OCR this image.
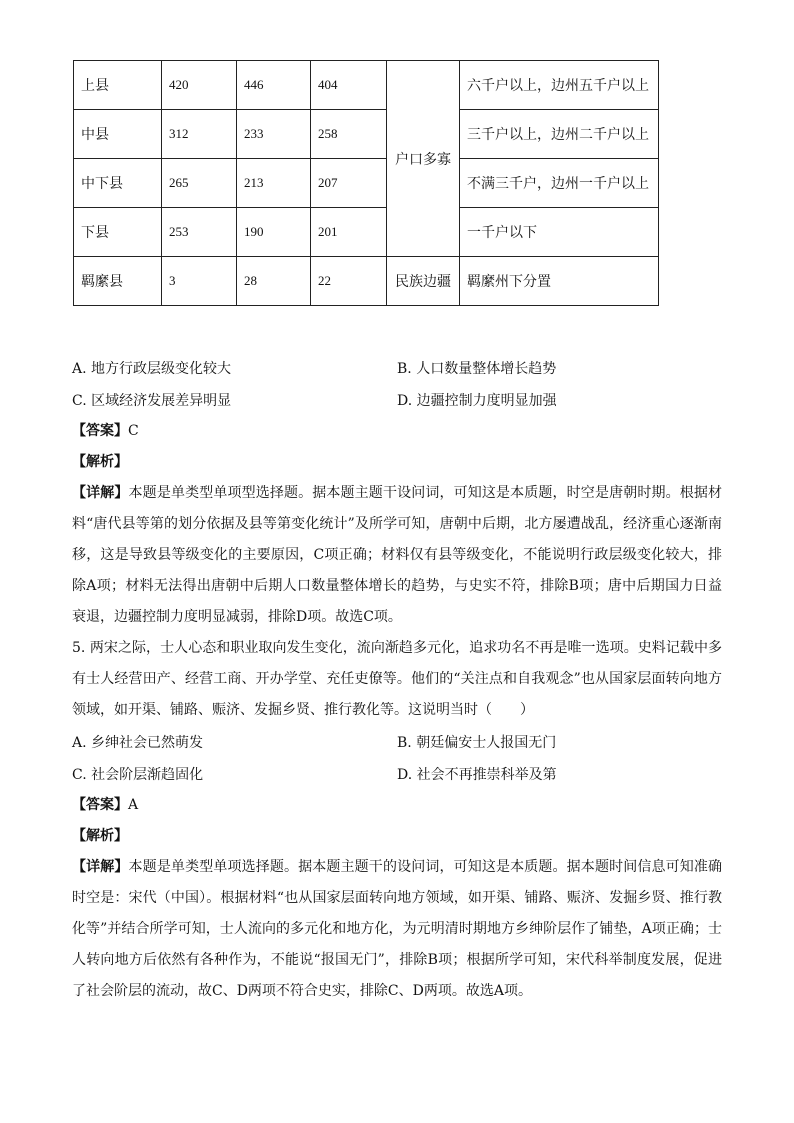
上县	420	446	404	户口多寡	六千户以上，边州五千户以上
中县	312	233	258		三千户以上，边州二千户以上
中下县	265	213	207		不满三千户，边州一千户以上
下县	253	190	201		一千户以下
羁縻县	3	28	22	民族边疆	羁縻州下分置
A. 地方行政层级变化较大	B. 人口数量整体增长趋势
C. 区域经济发展差异明显	D. 边疆控制力度明显加强
【答案】C
【解析】
【详解】本题是单类型单项型选择题。据本题主题干设问词，可知这是本质题，时空是唐朝时期。根据材料“唐代县等第的划分依据及县等第变化统计”及所学可知，唐朝中后期，北方屡遭战乱，经济重心逐渐南移，这是导致县等级变化的主要原因，C项正确；材料仅有县等级变化，不能说明行政层级变化较大，排除A项；材料无法得出唐朝中后期人口数量整体增长的趋势，与史实不符，排除B项；唐中后期国力日益衰退，边疆控制力度明显减弱，排除D项。故选C项。
5. 两宋之际，士人心态和职业取向发生变化，流向渐趋多元化，追求功名不再是唯一选项。史料记载中多有士人经营田产、经营工商、开办学堂、充任吏僚等。他们的“关注点和自我观念”也从国家层面转向地方领域，如开渠、铺路、赈济、发掘乡贤、推行教化等。这说明当时（　　）
A. 乡绅社会已然萌发	B. 朝廷偏安士人报国无门
C. 社会阶层渐趋固化	D. 社会不再推崇科举及第
【答案】A
【解析】
【详解】本题是单类型单项选择题。据本题主题干的设问词，可知这是本质题。据本题时间信息可知准确时空是：宋代（中国）。根据材料“也从国家层面转向地方领域，如开渠、铺路、赈济、发掘乡贤、推行教化等”并结合所学可知，士人流向的多元化和地方化，为元明清时期地方乡绅阶层作了铺垫，A项正确；士人转向地方后依然有各种作为，不能说“报国无门”，排除B项；根据所学可知，宋代科举制度发展，促进了社会阶层的流动，故C、D两项不符合史实，排除C、D两项。故选A项。
